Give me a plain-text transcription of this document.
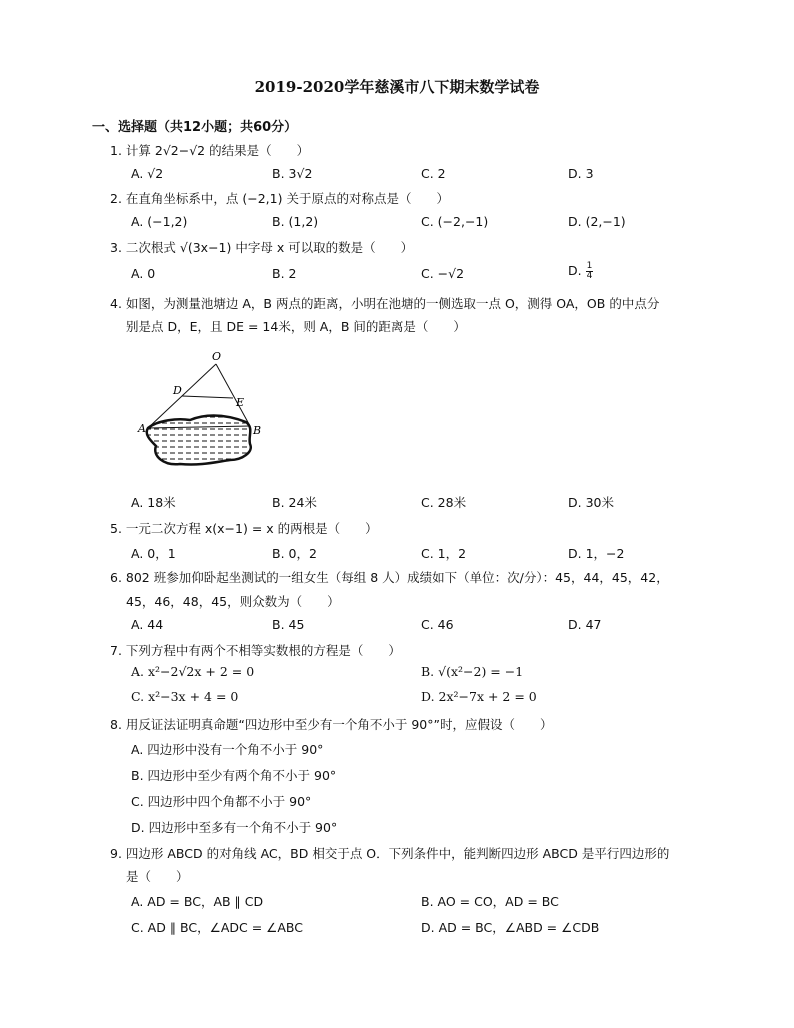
2019-2020学年慈溪市八下期末数学试卷
一、选择题（共12小题；共60分）
1. 计算 2√2−√2 的结果是（　　）
A. √2	B. 3√2	C. 2	D. 3
2. 在直角坐标系中，点 (−2,1) 关于原点的对称点是（　　）
A. (−1,2)	B. (1,2)	C. (−2,−1)	D. (2,−1)
3. 二次根式 √(3x−1) 中字母 x 可以取的数是（　　）
A. 0	B. 2	C. −√2	D. $\frac{1}{4}$
4. 如图，为测量池塘边 A，B 两点的距离，小明在池塘的一侧选取一点 O，测得 OA，OB 的中点分
别是点 D，E，且 DE = 14米，则 A，B 间的距离是（　　）
O
D
E
A	B
A. 18米	B. 24米	C. 28米	D. 30米
5. 一元二次方程 x(x−1) = x 的两根是（　　）
A. 0，1	B. 0，2	C. 1，2	D. 1，−2
6. 802 班参加仰卧起坐测试的一组女生（每组 8 人）成绩如下（单位：次/分）：45，44，45，42，
45，46，48，45，则众数为（　　）
A. 44	B. 45	C. 46	D. 47
7. 下列方程中有两个不相等实数根的方程是（　　）
A. x²−2√2x + 2 = 0	B. √(x²−2) = −1
C. x²−3x + 4 = 0	D. 2x²−7x + 2 = 0
8. 用反证法证明真命题“四边形中至少有一个角不小于 90°”时，应假设（　　）
A. 四边形中没有一个角不小于 90°
B. 四边形中至少有两个角不小于 90°
C. 四边形中四个角都不小于 90°
D. 四边形中至多有一个角不小于 90°
9. 四边形 ABCD 的对角线 AC，BD 相交于点 O．下列条件中，能判断四边形 ABCD 是平行四边形的
是（　　）
A. AD = BC，AB ∥ CD	B. AO = CO，AD = BC
C. AD ∥ BC，∠ADC = ∠ABC	D. AD = BC，∠ABD = ∠CDB
